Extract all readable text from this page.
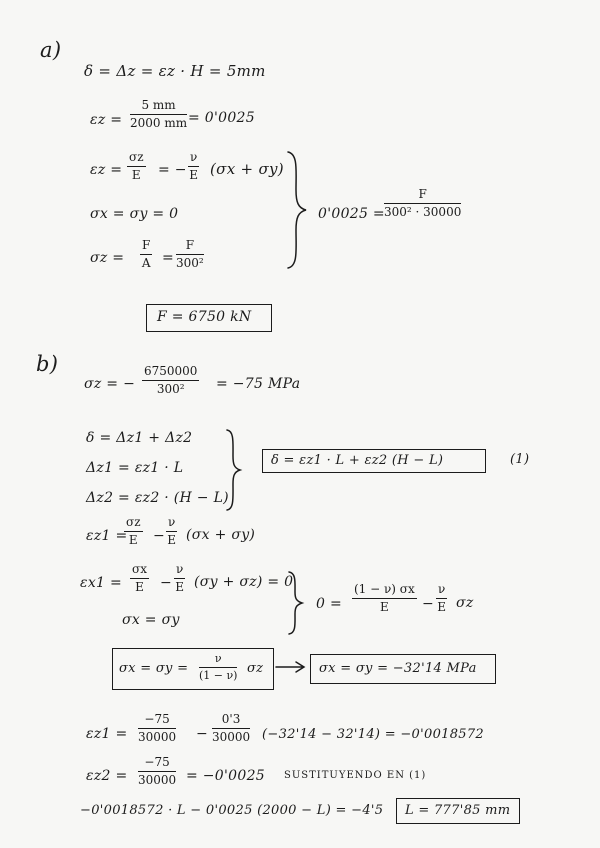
a)
δ = Δz = εz · H = 5mm
$\varepsilon z = \frac{5 mm}{2000 mm} = 0'0025$
$\varepsilon z = \frac{\sigma z}{E}$ = − $\frac{\nu}{E} (\sigma x + \sigma y)$
σx = σy = 0
$\sigma z = \frac{F}{A} = \frac{F}{\text{300²}}$
$0'0025 = \frac{F}{\text{300² · 30000}}$
F = 6750 kN
b)
σz = − $\frac{6750000}{\text{300²}} = -75$ MPa
δ = Δz1 + Δz2
Δz1 = εz1 · L
Δz2 = εz2 · (H − L)
δ = εz1 · L + εz2 (H − L)	(1)
εz1 =
$\frac{\sigma z}{E} - \frac{\nu}{E} (\sigma x + \sigma y)$
$\varepsilon x1 = \frac{\sigma x}{E} - \frac{\nu}{E} (\sigma y + \sigma z) = 0$
σx = σy
$0 = \frac{(1 - \nu) \sigma x}{E} - \frac{\nu}{E}$ σz
$\sigma x = \sigma y = \frac{\nu}{(1 - \nu)}$ σz	σx = σy = −32'14 MPa
$\varepsilon z1 = \frac{-75}{30000} - \frac{0'3}{30000} (-32'14 - 32'14) = -0'0018572$
$\varepsilon z2 = \frac{-75}{30000} = -0'0025$ SUSTITUYENDO EN (1)
−0'0018572 · L − 0'0025 (2000 − L) = −4'5 L = 777'85 mm
